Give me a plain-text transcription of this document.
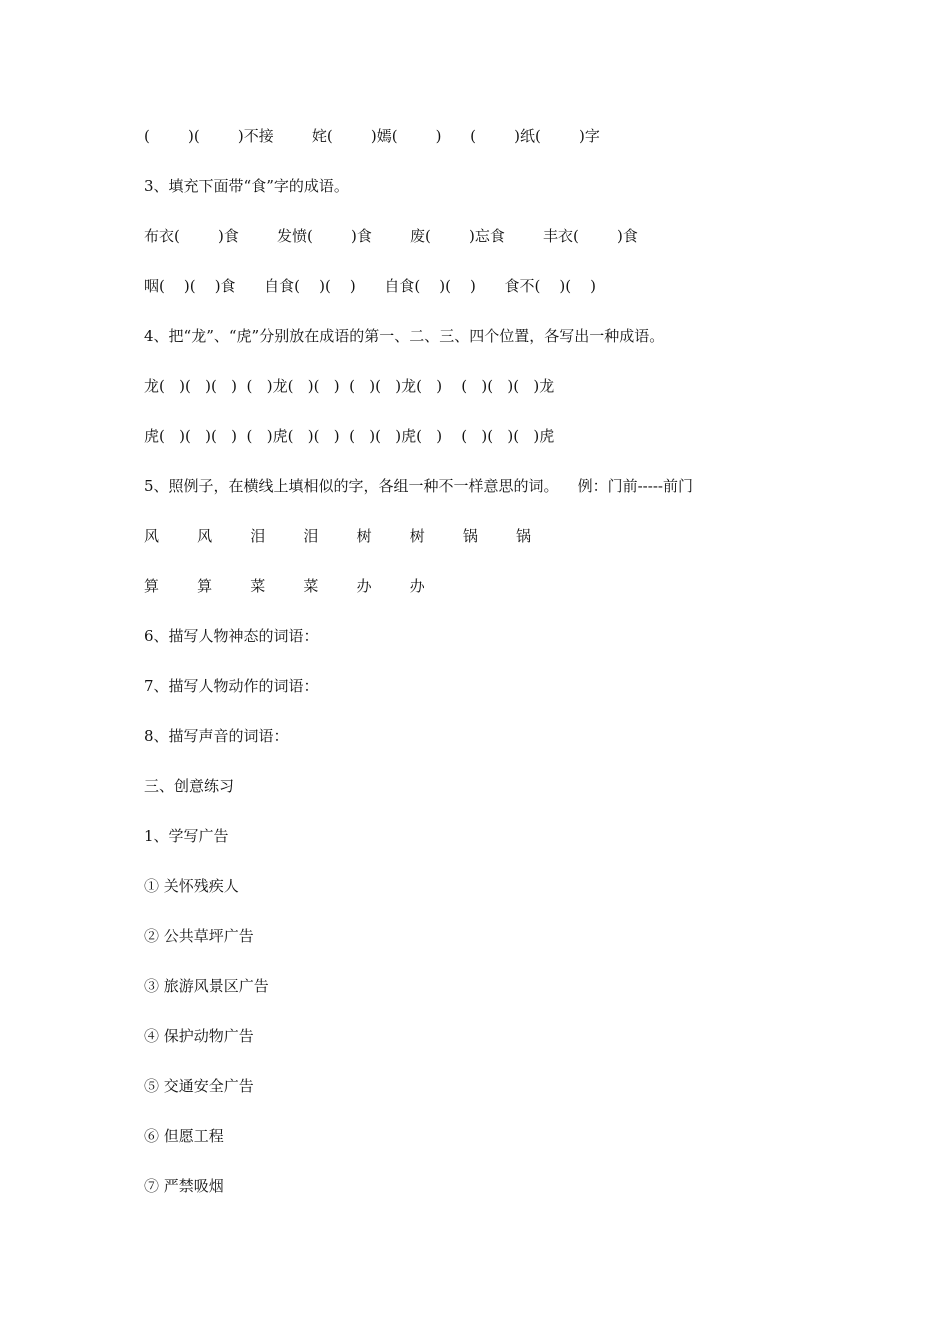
(        )(        )不接        姹(        )嫣(        )      (        )纸(        )字
3、填充下面带“食”字的成语。
布衣(        )食        发愤(        )食        废(        )忘食        丰衣(        )食
咽(    )(    )食      自食(    )(    )      自食(    )(    )      食不(    )(    )
4、把“龙”、“虎”分别放在成语的第一、二、三、四个位置，各写出一种成语。
龙(   )(   )(   )  (   )龙(   )(   )  (   )(   )龙(   )    (   )(   )(   )龙
虎(   )(   )(   )  (   )虎(   )(   )  (   )(   )虎(   )    (   )(   )(   )虎
5、照例子，在横线上填相似的字，各组一种不一样意思的词。    例：门前-----前门
风        风        泪        泪        树        树        锅        锅
算        算        菜        菜        办        办
6、描写人物神态的词语：
7、描写人物动作的词语：
8、描写声音的词语：
三、创意练习
1、学写广告
① 关怀残疾人
② 公共草坪广告
③ 旅游风景区广告
④ 保护动物广告
⑤ 交通安全广告
⑥ 但愿工程
⑦ 严禁吸烟
